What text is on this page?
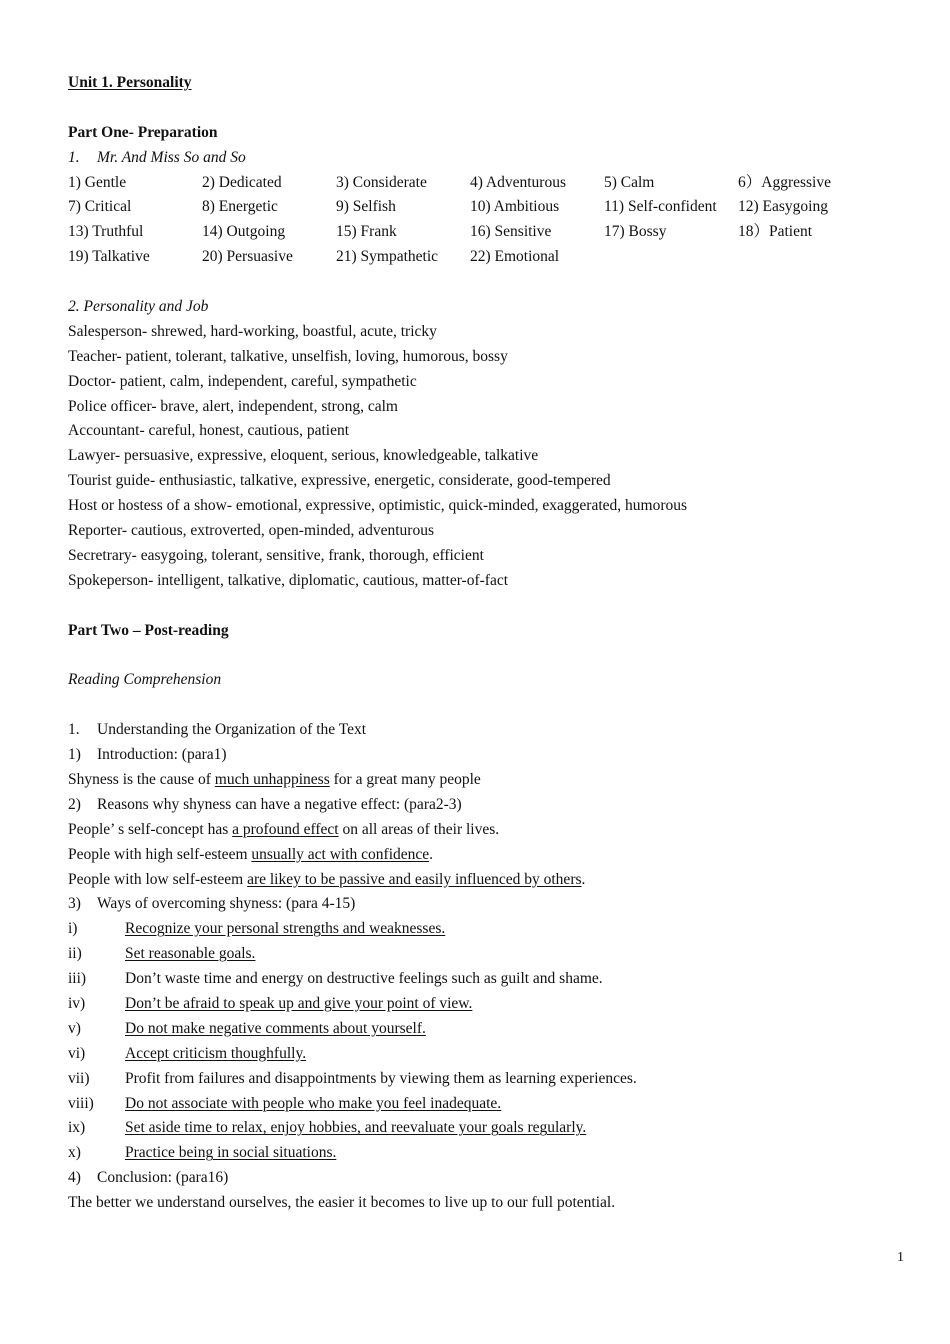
Unit 1. Personality
Part One- Preparation
1. Mr. And Miss So and So
1) Gentle	2) Dedicated	3) Considerate	4) Adventurous	5) Calm	6）Aggressive
7) Critical	8) Energetic	9) Selfish	10) Ambitious	11) Self-confident	12) Easygoing
13) Truthful	14) Outgoing	15) Frank	16) Sensitive	17) Bossy	18）Patient
19) Talkative	20) Persuasive	21) Sympathetic	22) Emotional
2. Personality and Job
Salesperson- shrewed, hard-working, boastful, acute, tricky
Teacher- patient, tolerant, talkative, unselfish, loving, humorous, bossy
Doctor- patient, calm, independent, careful, sympathetic
Police officer- brave, alert, independent, strong, calm
Accountant- careful, honest, cautious, patient
Lawyer- persuasive, expressive, eloquent, serious, knowledgeable, talkative
Tourist guide- enthusiastic, talkative, expressive, energetic, considerate, good-tempered
Host or hostess of a show- emotional, expressive, optimistic, quick-minded, exaggerated, humorous
Reporter- cautious, extroverted, open-minded, adventurous
Secretrary- easygoing, tolerant, sensitive, frank, thorough, efficient
Spokeperson- intelligent, talkative, diplomatic, cautious, matter-of-fact
Part Two – Post-reading
Reading Comprehension
1. Understanding the Organization of the Text
1) Introduction: (para1)
Shyness is the cause of much unhappiness for a great many people
2) Reasons why shyness can have a negative effect: (para2-3)
People’ s self-concept has a profound effect on all areas of their lives.
People with high self-esteem unsually act with confidence.
People with low self-esteem are likey to be passive and easily influenced by others.
3) Ways of overcoming shyness: (para 4-15)
i)	Recognize your personal strengths and weaknesses.
ii)	Set reasonable goals.
iii)	Don’t waste time and energy on destructive feelings such as guilt and shame.
iv)	Don’t be afraid to speak up and give your point of view.
v)	Do not make negative comments about yourself.
vi)	Accept criticism thoughfully.
vii) Profit from failures and disappointments by viewing them as learning experiences.
viii) Do not associate with people who make you feel inadequate.
ix)	Set aside time to relax, enjoy hobbies, and reevaluate your goals regularly.
x)	Practice being in social situations.
4) Conclusion: (para16)
The better we understand ourselves, the easier it becomes to live up to our full potential.
1
